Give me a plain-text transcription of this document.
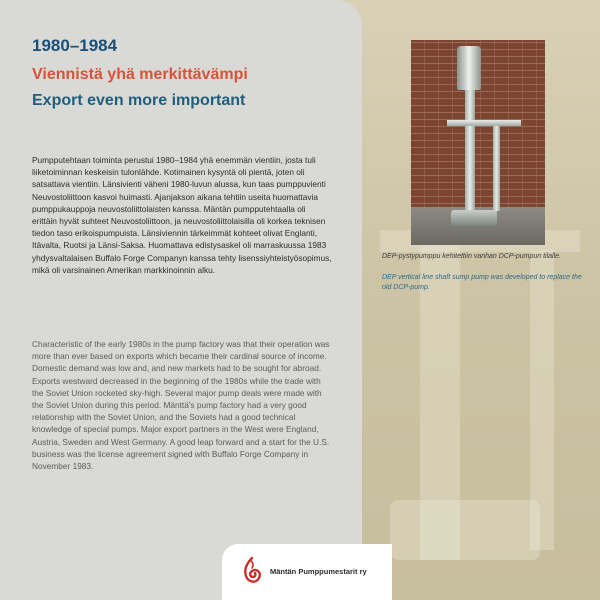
1980–1984
Viennistä yhä merkittävämpi
Export even more important

Pumpputehtaan toiminta perustui 1980–1984 yhä enemmän vientiin, josta tuli liiketoiminnan keskeisin tulonlähde. Kotimainen kysyntä oli pientä, joten oli satsattava vientiin. Länsivienti väheni 1980-luvun alussa, kun taas pumppuvienti Neuvostoliittoon kasvoi huimasti. Ajanjakson aikana tehtiin useita huomattavia pumppukauppoja neuvostoliittolaisten kanssa. Mäntän pumpputehtaalla oli erittäin hyvät suhteet Neuvostoliittoon, ja neuvostoliittolaisilla oli korkea teknisen tiedon taso erikoispumpuista. Länsiviennin tärkeimmät kohteet olivat Englanti, Itävalta, Ruotsi ja Länsi-Saksa. Huomattava edistysaskel oli marraskuussa 1983 yhdysvaltalaisen Buffalo Forge Companyn kanssa tehty lisenssiyhteistyösopimus, mikä oli varsinainen Amerikan markkinoinnin alku.

Characteristic of the early 1980s in the pump factory was that their operation was more than ever based on exports which became their cardinal source of income. Domestic demand was low and, and new markets had to be sought for abroad. Exports westward decreased in the beginning of the 1980s while the trade with the Soviet Union rocketed sky-high. Several major pump deals were made with the Soviet Union during this period. Mänttä's pump factory had a very good relationship with the Soviet Union, and the Soviets had a good technical knowledge of special pumps. Major export partners in the West were England, Austria, Sweden and West Germany. A good leap forward and a start for the U.S. business was the license agreement signed with Buffalo Forge Company in November 1983.

DEP-pystypumppu kehitettiin vanhan DCP-pumpun tilalle.

DEP vertical line shaft sump pump was developed to replace the old DCP-pump.

Mäntän Pumppumestarit ry
